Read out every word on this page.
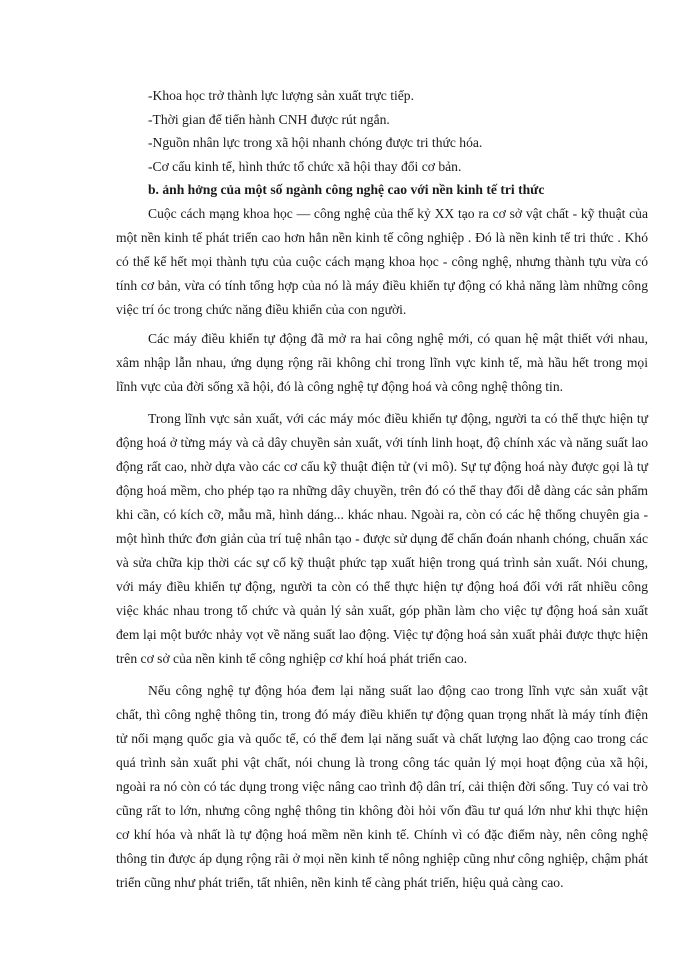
-Khoa học trở thành lực lượng sản xuất trực tiếp.
-Thời gian để tiến hành CNH được rút ngắn.
-Nguồn nhân lực trong xã hội nhanh chóng được tri thức hóa.
-Cơ cấu kinh tế, hình thức tổ chức xã hội thay đổi cơ bản.
b. ảnh hởng của một số ngành công nghệ cao với nền kinh tế tri thức

Cuộc cách mạng khoa học — công nghệ của thế kỷ XX tạo ra cơ sở vật chất - kỹ thuật của một nền kinh tế phát triển cao hơn hẳn nền kinh tế công nghiệp . Đó là nền kinh tế tri thức . Khó có thể kể hết mọi thành tựu của cuộc cách mạng khoa học - công nghệ, nhưng thành tựu vừa có tính cơ bản, vừa có tính tổng hợp của nó là máy điều khiển tự động có khả năng làm những công việc trí óc trong chức năng điều khiển của con người.

Các máy điều khiển tự động đã mở ra hai công nghệ mới, có quan hệ mật thiết với nhau, xâm nhập lẫn nhau, ứng dụng rộng rãi không chỉ trong lĩnh vực kinh tế, mà hầu hết trong mọi lĩnh vực của đời sống xã hội, đó là công nghệ tự động hoá và công nghệ thông tin.

Trong lĩnh vực sản xuất, với các máy móc điều khiển tự động, người ta có thể thực hiện tự động hoá ở từng máy và cả dây chuyền sản xuất, với tính linh hoạt, độ chính xác và năng suất lao động rất cao, nhờ dựa vào các cơ cấu kỹ thuật điện tử (vi mô). Sự tự động hoá này được gọi là tự động hoá mềm, cho phép tạo ra những dây chuyền, trên đó có thể thay đổi dễ dàng các sản phẩm khi cần, có kích cỡ, mẫu mã, hình dáng... khác nhau. Ngoài ra, còn có các hệ thống chuyên gia - một hình thức đơn giản của trí tuệ nhân tạo - được sử dụng để chẩn đoán nhanh chóng, chuẩn xác và sửa chữa kịp thời các sự cố kỹ thuật phức tạp xuất hiện trong quá trình sản xuất. Nói chung, với máy điều khiển tự động, người ta còn có thể thực hiện tự động hoá đối với rất nhiều công việc khác nhau trong tổ chức và quản lý sản xuất, góp phần làm cho việc tự động hoá sản xuất đem lại một bước nhảy vọt về năng suất lao động. Việc tự động hoá sản xuất phải được thực hiện trên cơ sở của nền kinh tế công nghiệp cơ khí hoá phát triển cao.

Nếu công nghệ tự động hóa đem lại năng suất lao động cao trong lĩnh vực sản xuất vật chất, thì công nghệ thông tin, trong đó máy điều khiển tự động quan trọng nhất là máy tính điện tử nối mạng quốc gia và quốc tế, có thể đem lại năng suất và chất lượng lao động cao trong các quá trình sản xuất phi vật chất, nói chung là trong công tác quản lý mọi hoạt động của xã hội, ngoài ra nó còn có tác dụng trong việc nâng cao trình độ dân trí, cải thiện đời sống. Tuy có vai trò cũng rất to lớn, nhưng công nghệ thông tin không đòi hỏi vốn đầu tư quá lớn như khi thực hiện cơ khí hóa và nhất là tự động hoá mềm nền kinh tế. Chính vì có đặc điểm này, nên công nghệ thông tin được áp dụng rộng rãi ở mọi nền kinh tế nông nghiệp cũng như công nghiệp, chậm phát triển cũng như phát triển, tất nhiên, nền kinh tế càng phát triển, hiệu quả càng cao.
